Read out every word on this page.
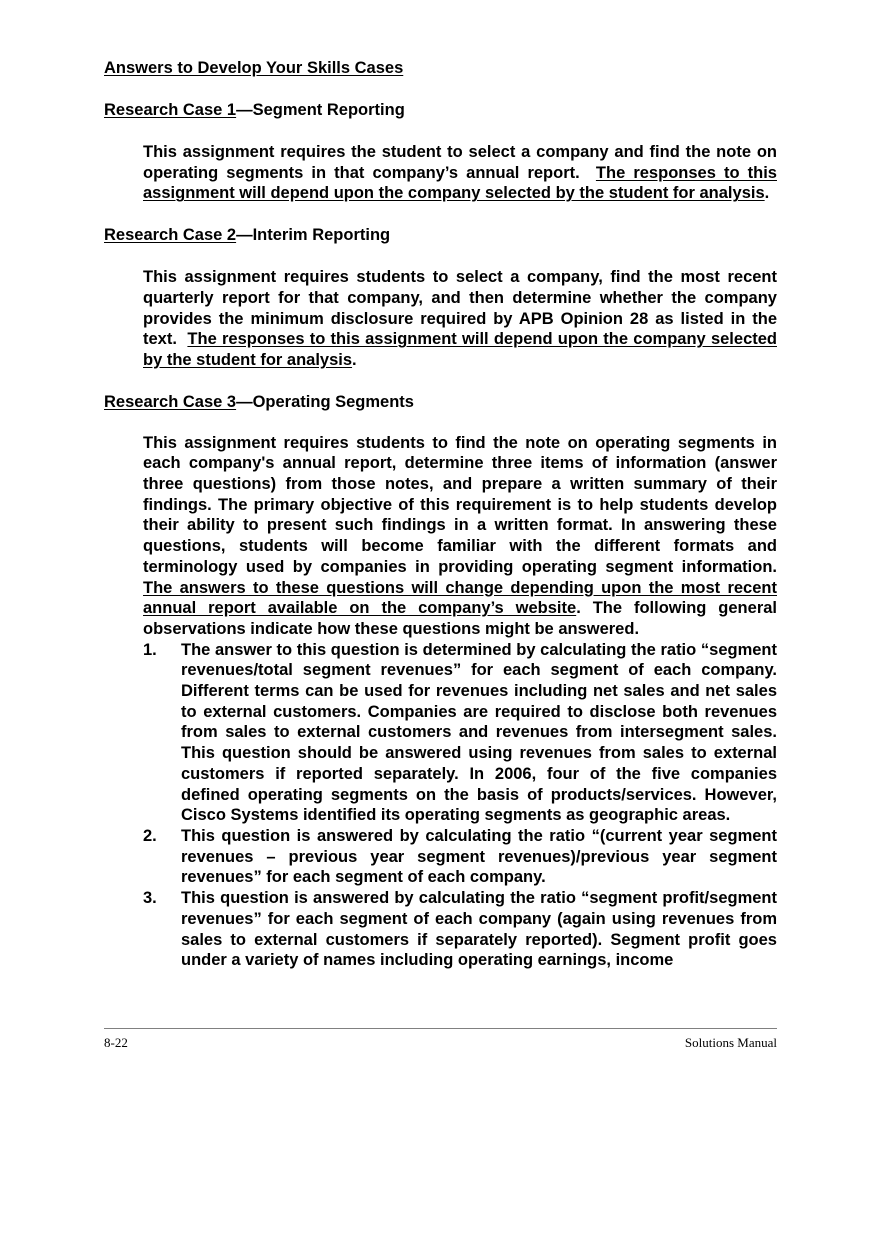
Answers to Develop Your Skills Cases

Research Case 1—Segment Reporting

This assignment requires the student to select a company and find the note on operating segments in that company’s annual report. The responses to this assignment will depend upon the company selected by the student for analysis.

Research Case 2—Interim Reporting

This assignment requires students to select a company, find the most recent quarterly report for that company, and then determine whether the company provides the minimum disclosure required by APB Opinion 28 as listed in the text. The responses to this assignment will depend upon the company selected by the student for analysis.

Research Case 3—Operating Segments

This assignment requires students to find the note on operating segments in each company's annual report, determine three items of information (answer three questions) from those notes, and prepare a written summary of their findings. The primary objective of this requirement is to help students develop their ability to present such findings in a written format. In answering these questions, students will become familiar with the different formats and terminology used by companies in providing operating segment information. The answers to these questions will change depending upon the most recent annual report available on the company’s website. The following general observations indicate how these questions might be answered.

1. The answer to this question is determined by calculating the ratio “segment revenues/total segment revenues” for each segment of each company. Different terms can be used for revenues including net sales and net sales to external customers. Companies are required to disclose both revenues from sales to external customers and revenues from intersegment sales. This question should be answered using revenues from sales to external customers if reported separately. In 2006, four of the five companies defined operating segments on the basis of products/services. However, Cisco Systems identified its operating segments as geographic areas.
2. This question is answered by calculating the ratio “(current year segment revenues – previous year segment revenues)/previous year segment revenues” for each segment of each company.
3. This question is answered by calculating the ratio “segment profit/segment revenues” for each segment of each company (again using revenues from sales to external customers if separately reported). Segment profit goes under a variety of names including operating earnings, income
8-22	Solutions Manual
